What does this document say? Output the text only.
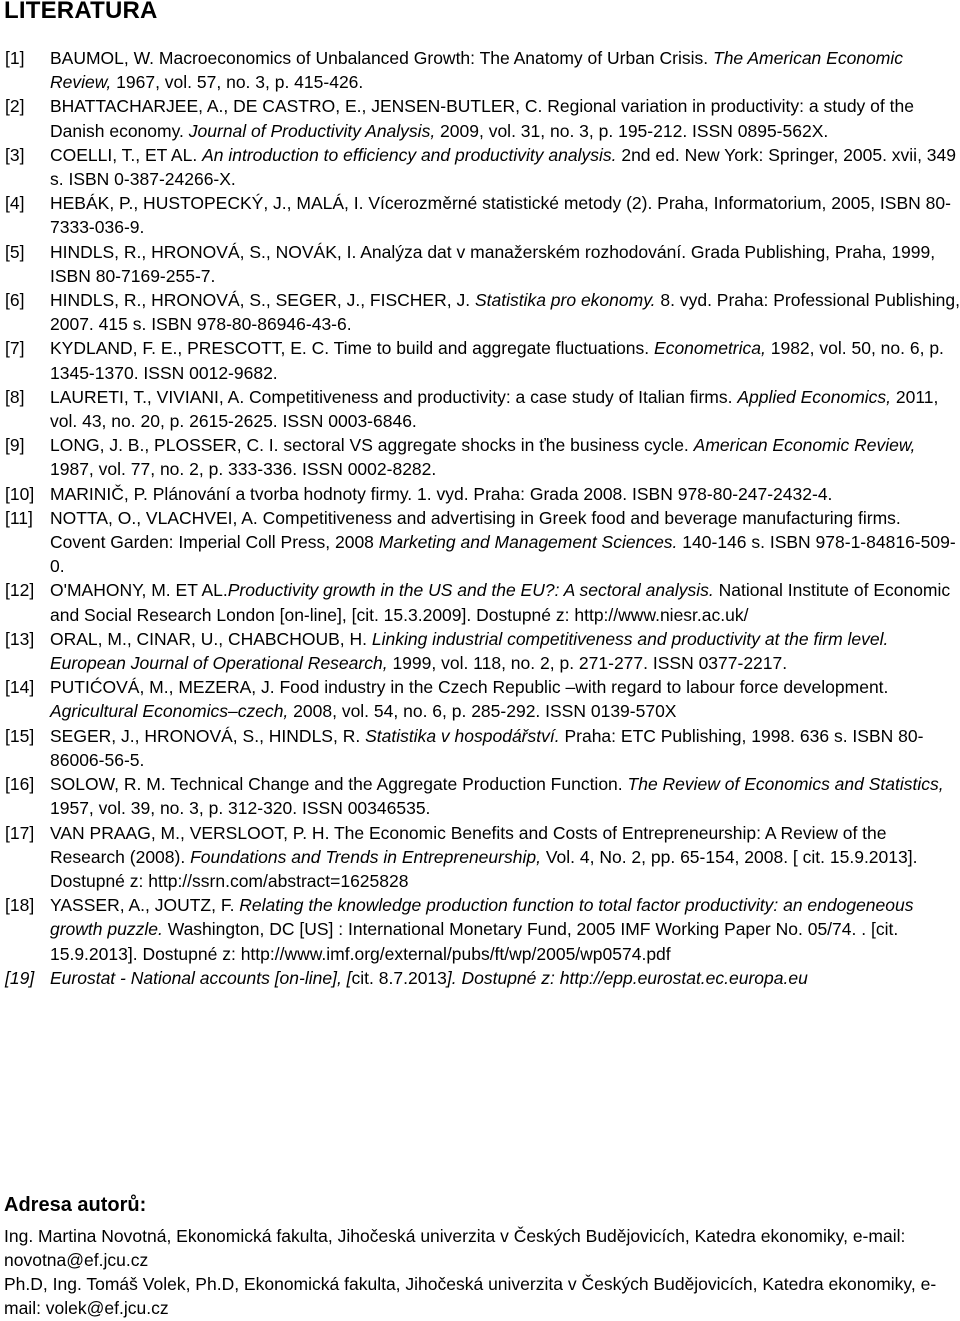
LITERATURA
[1] BAUMOL, W. Macroeconomics of Unbalanced Growth: The Anatomy of Urban Crisis. The American Economic Review, 1967, vol. 57, no. 3, p. 415-426.
[2] BHATTACHARJEE, A., DE CASTRO, E., JENSEN-BUTLER, C. Regional variation in productivity: a study of the Danish economy. Journal of Productivity Analysis, 2009, vol. 31, no. 3, p. 195-212. ISSN 0895-562X.
[3] COELLI, T., ET AL. An introduction to efficiency and productivity analysis. 2nd ed. New York: Springer, 2005. xvii, 349 s. ISBN 0-387-24266-X.
[4] HEBÁK, P., HUSTOPECKÝ, J., MALÁ, I. Vícerozměrné statistické metody (2). Praha, Informatorium, 2005, ISBN 80-7333-036-9.
[5] HINDLS, R., HRONOVÁ, S., NOVÁK, I. Analýza dat v manažerském rozhodování. Grada Publishing, Praha, 1999, ISBN 80-7169-255-7.
[6] HINDLS, R., HRONOVÁ, S., SEGER, J., FISCHER, J. Statistika pro ekonomy. 8. vyd. Praha: Professional Publishing, 2007. 415 s. ISBN 978-80-86946-43-6.
[7] KYDLAND, F. E., PRESCOTT, E. C. Time to build and aggregate fluctuations. Econometrica, 1982, vol. 50, no. 6, p. 1345-1370. ISSN 0012-9682.
[8] LAURETI, T., VIVIANI, A. Competitiveness and productivity: a case study of Italian firms. Applied Economics, 2011, vol. 43, no. 20, p. 2615-2625. ISSN 0003-6846.
[9] LONG, J. B., PLOSSER, C. I. sectoral VS aggregate shocks in ťhe business cycle. American Economic Review, 1987, vol. 77, no. 2, p. 333-336. ISSN 0002-8282.
[10] MARINIČ, P. Plánování a tvorba hodnoty firmy. 1. vyd. Praha: Grada 2008. ISBN 978-80-247-2432-4.
[11] NOTTA, O., VLACHVEI, A. Competitiveness and advertising in Greek food and beverage manufacturing firms. Covent Garden: Imperial Coll Press, 2008 Marketing and Management Sciences. 140-146 s. ISBN 978-1-84816-509-0.
[12] O'MAHONY, M. ET AL.Productivity growth in the US and the EU?: A sectoral analysis. National Institute of Economic and Social Research London [on-line], [cit. 15.3.2009]. Dostupné z: http://www.niesr.ac.uk/
[13] ORAL, M., CINAR, U., CHABCHOUB, H. Linking industrial competitiveness and productivity at the firm level. European Journal of Operational Research, 1999, vol. 118, no. 2, p. 271-277. ISSN 0377-2217.
[14] PUTIĆOVÁ, M., MEZERA, J. Food industry in the Czech Republic –with regard to labour force development. Agricultural Economics–czech, 2008, vol. 54, no. 6, p. 285-292. ISSN 0139-570X
[15] SEGER, J., HRONOVÁ, S., HINDLS, R. Statistika v hospodářství. Praha: ETC Publishing, 1998. 636 s. ISBN 80-86006-56-5.
[16] SOLOW, R. M. Technical Change and the Aggregate Production Function. The Review of Economics and Statistics, 1957, vol. 39, no. 3, p. 312-320. ISSN 00346535.
[17] VAN PRAAG, M., VERSLOOT, P. H. The Economic Benefits and Costs of Entrepreneurship: A Review of the Research (2008). Foundations and Trends in Entrepreneurship, Vol. 4, No. 2, pp. 65-154, 2008. [ cit. 15.9.2013]. Dostupné z: http://ssrn.com/abstract=1625828
[18] YASSER, A., JOUTZ, F. Relating the knowledge production function to total factor productivity: an endogeneous growth puzzle. Washington, DC [US] : International Monetary Fund, 2005 IMF Working Paper No. 05/74. . [cit. 15.9.2013]. Dostupné z: http://www.imf.org/external/pubs/ft/wp/2005/wp0574.pdf
[19] Eurostat - National accounts [on-line], [cit. 8.7.2013]. Dostupné z: http://epp.eurostat.ec.europa.eu
Adresa autorů:

Ing. Martina Novotná, Ekonomická fakulta, Jihočeská univerzita v Českých Budějovicích, Katedra ekonomiky, e-mail: novotna@ef.jcu.cz

Ph.D, Ing. Tomáš Volek, Ph.D, Ekonomická fakulta, Jihočeská univerzita v Českých Budějovicích, Katedra ekonomiky, e-mail: volek@ef.jcu.cz
